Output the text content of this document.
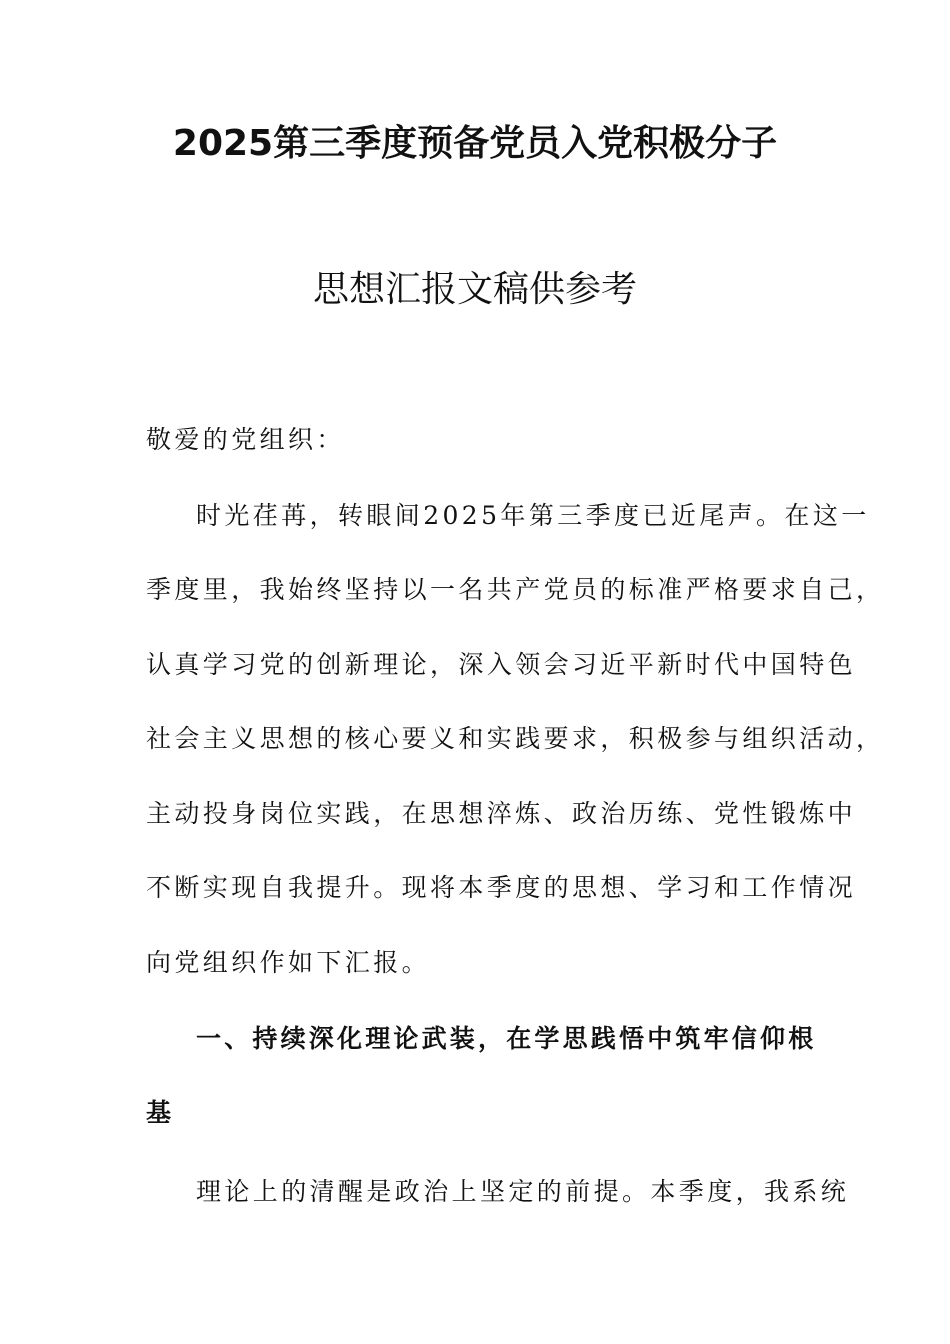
2025第三季度预备党员入党积极分子
思想汇报文稿供参考
敬爱的党组织：
时光荏苒，转眼间2025年第三季度已近尾声。在这一
季度里，我始终坚持以一名共产党员的标准严格要求自己，
认真学习党的创新理论，深入领会习近平新时代中国特色
社会主义思想的核心要义和实践要求，积极参与组织活动，
主动投身岗位实践，在思想淬炼、政治历练、党性锻炼中
不断实现自我提升。现将本季度的思想、学习和工作情况
向党组织作如下汇报。
一、持续深化理论武装，在学思践悟中筑牢信仰根
基
理论上的清醒是政治上坚定的前提。本季度，我系统
